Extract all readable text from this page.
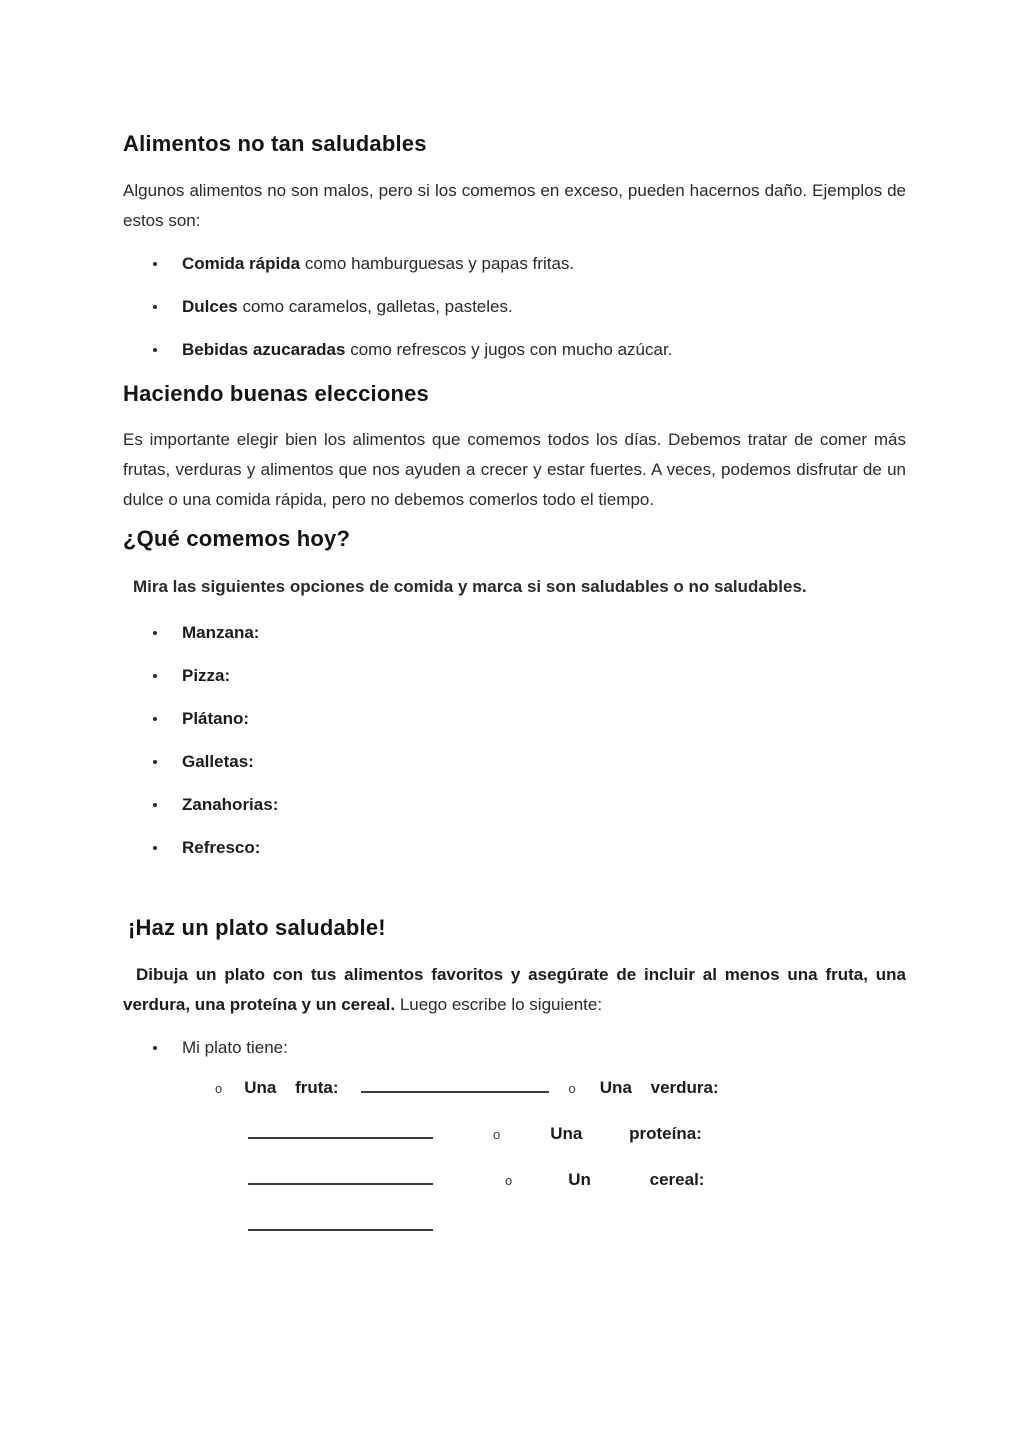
Alimentos no tan saludables

Algunos alimentos no son malos, pero si los comemos en exceso, pueden hacernos daño. Ejemplos de estos son:

Comida rápida como hamburguesas y papas fritas.
Dulces como caramelos, galletas, pasteles.
Bebidas azucaradas como refrescos y jugos con mucho azúcar.
Haciendo buenas elecciones

Es importante elegir bien los alimentos que comemos todos los días. Debemos tratar de comer más frutas, verduras y alimentos que nos ayuden a crecer y estar fuertes. A veces, podemos disfrutar de un dulce o una comida rápida, pero no debemos comerlos todo el tiempo.

¿Qué comemos hoy?

Mira las siguientes opciones de comida y marca si son saludables o no saludables.

Manzana:
Pizza:
Plátano:
Galletas:
Zanahorias:
Refresco:
¡Haz un plato saludable!

Dibuja un plato con tus alimentos favoritos y asegúrate de incluir al menos una fruta, una verdura, una proteína y un cereal. Luego escribe lo siguiente:

Mi plato tiene:
o Una fruta:	o Una verdura:
o	Una	proteína:
o	Un	cereal:
